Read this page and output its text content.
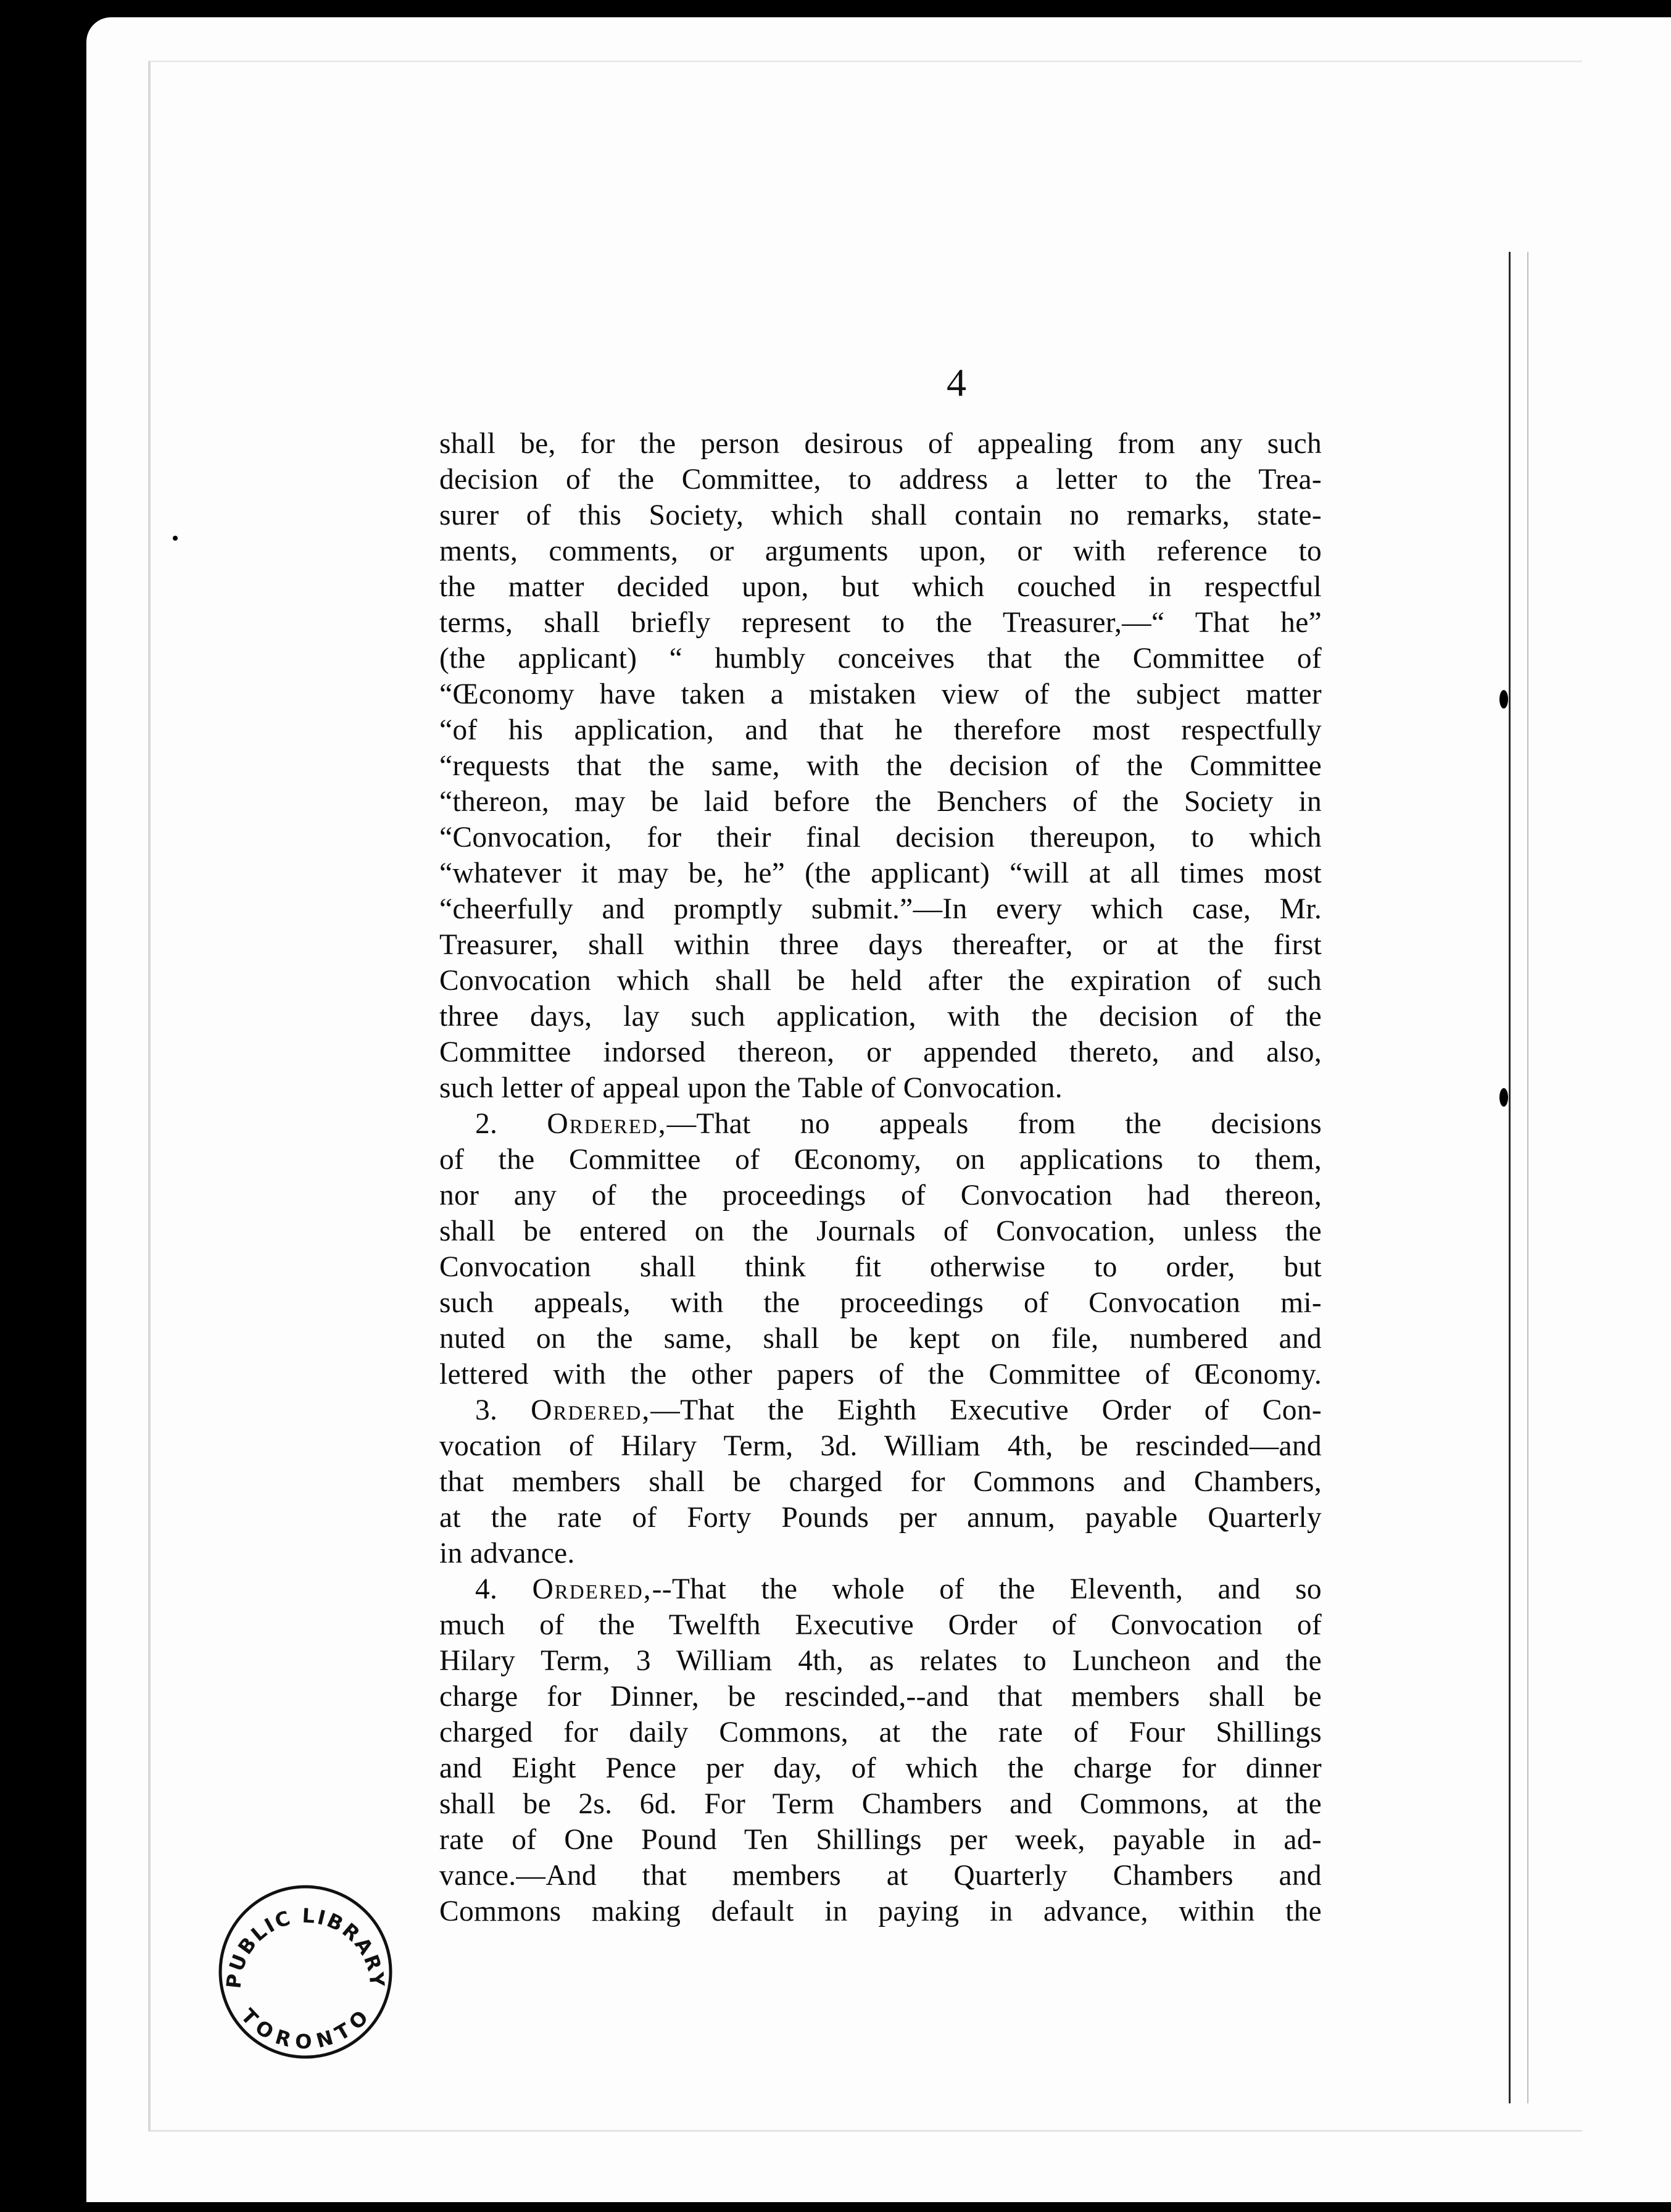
4

shall be, for the person desirous of appealing from any such

decision of the Committee, to address a letter to the Trea-

surer of this Society, which shall contain no remarks, state-

ments, comments, or arguments upon, or with reference to

the matter decided upon, but which couched in respectful

terms, shall briefly represent to the Treasurer,—“ That he”

(the applicant) “ humbly conceives that the Committee of

“Œconomy have taken a mistaken view of the subject matter

“of his application, and that he therefore most respectfully

“requests that the same, with the decision of the Committee

“thereon, may be laid before the Benchers of the Society in

“Convocation, for their final decision thereupon, to which

“whatever it may be, he” (the applicant) “will at all times most

“cheerfully and promptly submit.”—In every which case, Mr.

Treasurer, shall within three days thereafter, or at the first

Convocation which shall be held after the expiration of such

three days, lay such application, with the decision of the

Committee indorsed thereon, or appended thereto, and also,

such letter of appeal upon the Table of Convocation.

2. Ordered,—That no appeals from the decisions

of the Committee of Œconomy, on applications to them,

nor any of the proceedings of Convocation had thereon,

shall be entered on the Journals of Convocation, unless the

Convocation shall think fit otherwise to order, but

such appeals, with the proceedings of Convocation mi-

nuted on the same, shall be kept on file, numbered and

lettered with the other papers of the Committee of Œconomy.

3. Ordered,—That the Eighth Executive Order of Con-

vocation of Hilary Term, 3d. William 4th, be rescinded—and

that members shall be charged for Commons and Chambers,

at the rate of Forty Pounds per annum, payable Quarterly

in advance.

4. Ordered,--That the whole of the Eleventh, and so

much of the Twelfth Executive Order of Convocation of

Hilary Term, 3 William 4th, as relates to Luncheon and the

charge for Dinner, be rescinded,--and that members shall be

charged for daily Commons, at the rate of Four Shillings

and Eight Pence per day, of which the charge for dinner

shall be 2s. 6d. For Term Chambers and Commons, at the

rate of One Pound Ten Shillings per week, payable in ad-

vance.—And that members at Quarterly Chambers and

Commons making default in paying in advance, within the

PUBLIC LIBRARY
TORONTO
